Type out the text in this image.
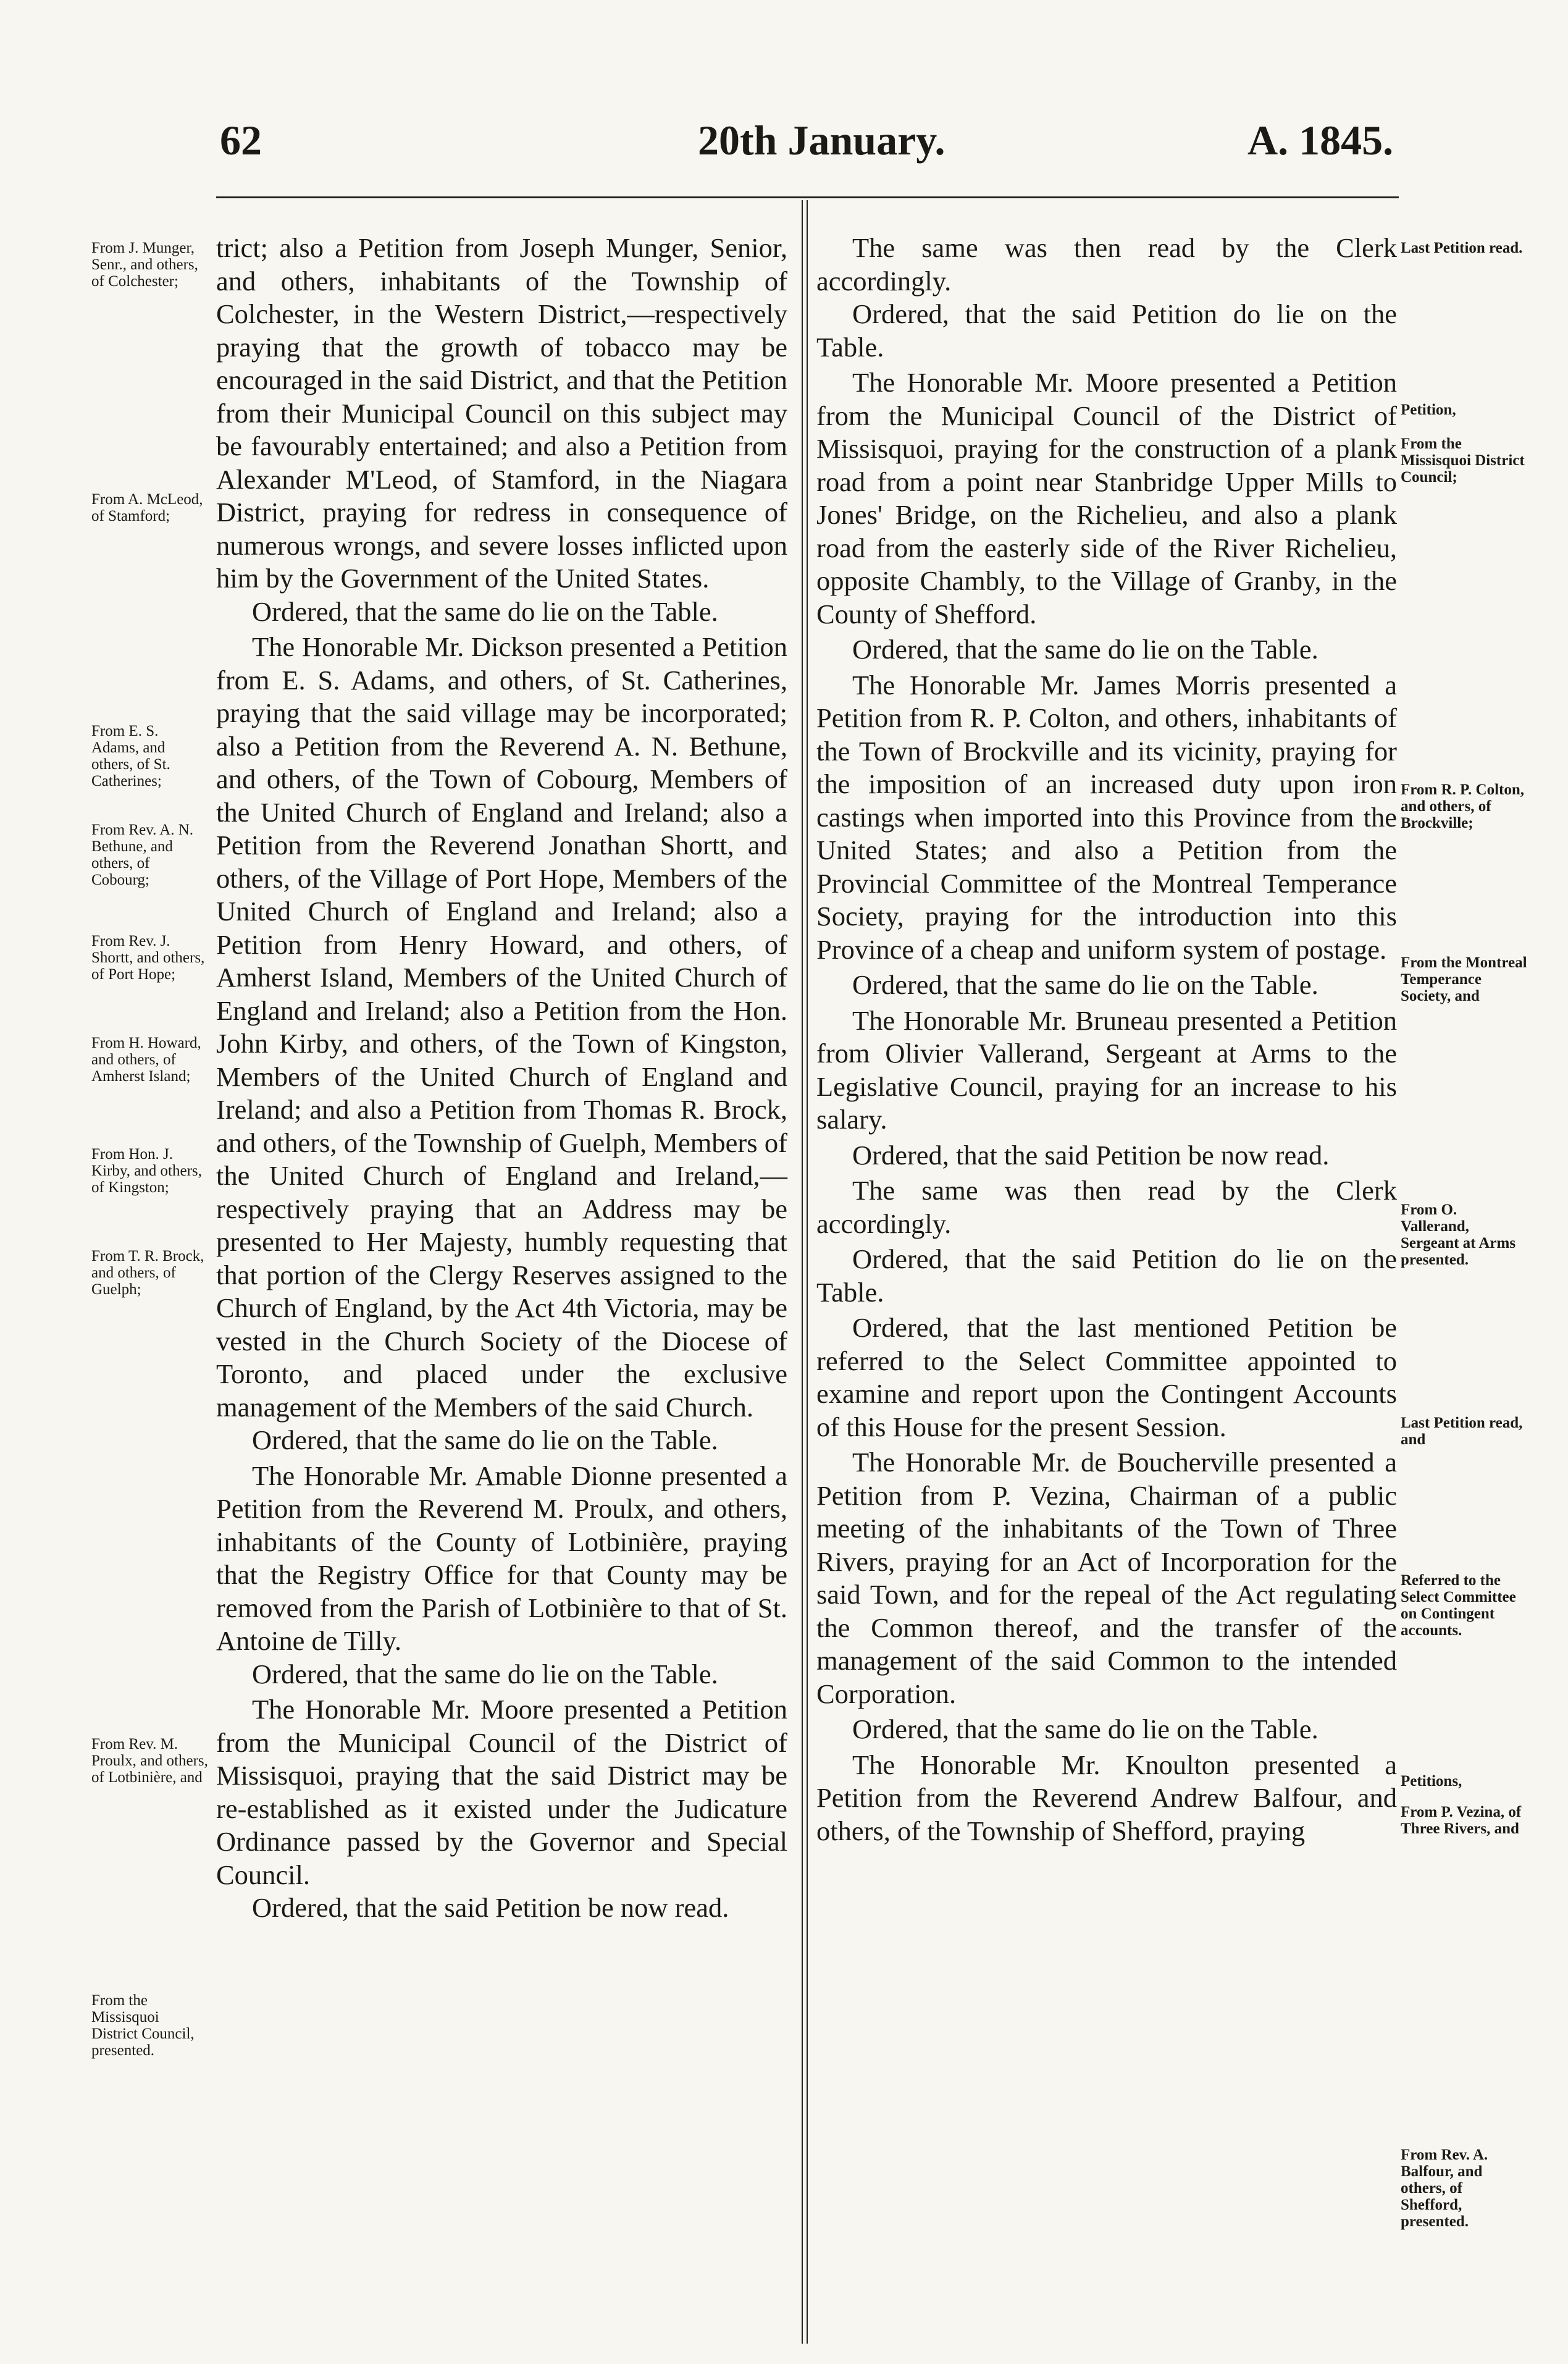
62	20th January.	A. 1845.

trict; also a Petition from Joseph Munger, Senior, and others, inhabitants of the Township of Colchester, in the Western District,—respectively praying that the growth of tobacco may be encouraged in the said District, and that the Petition from their Municipal Council on this subject may be favourably entertained; and also a Petition from Alexander M'Leod, of Stamford, in the Niagara District, praying for redress in consequence of numerous wrongs, and severe losses inflicted upon him by the Government of the United States.

Ordered, that the same do lie on the Table.

The Honorable Mr. Dickson presented a Petition from E. S. Adams, and others, of St. Catherines, praying that the said village may be incorporated; also a Petition from the Reverend A. N. Bethune, and others, of the Town of Cobourg, Members of the United Church of England and Ireland; also a Petition from the Reverend Jonathan Shortt, and others, of the Village of Port Hope, Members of the United Church of England and Ireland; also a Petition from Henry Howard, and others, of Amherst Island, Members of the United Church of England and Ireland; also a Petition from the Hon. John Kirby, and others, of the Town of Kingston, Members of the United Church of England and Ireland; and also a Petition from Thomas R. Brock, and others, of the Township of Guelph, Members of the United Church of England and Ireland,—respectively praying that an Address may be presented to Her Majesty, humbly requesting that that portion of the Clergy Reserves assigned to the Church of England, by the Act 4th Victoria, may be vested in the Church Society of the Diocese of Toronto, and placed under the exclusive management of the Members of the said Church.

Ordered, that the same do lie on the Table.

The Honorable Mr. Amable Dionne presented a Petition from the Reverend M. Proulx, and others, inhabitants of the County of Lotbinière, praying that the Registry Office for that County may be removed from the Parish of Lotbinière to that of St. Antoine de Tilly.

Ordered, that the same do lie on the Table.

The Honorable Mr. Moore presented a Petition from the Municipal Council of the District of Missisquoi, praying that the said District may be re-established as it existed under the Judicature Ordinance passed by the Governor and Special Council.

Ordered, that the said Petition be now read.

The same was then read by the Clerk accordingly.

Ordered, that the said Petition do lie on the Table.

The Honorable Mr. Moore presented a Petition from the Municipal Council of the District of Missisquoi, praying for the construction of a plank road from a point near Stanbridge Upper Mills to Jones' Bridge, on the Richelieu, and also a plank road from the easterly side of the River Richelieu, opposite Chambly, to the Village of Granby, in the County of Shefford.

Ordered, that the same do lie on the Table.

The Honorable Mr. James Morris presented a Petition from R. P. Colton, and others, inhabitants of the Town of Brockville and its vicinity, praying for the imposition of an increased duty upon iron castings when imported into this Province from the United States; and also a Petition from the Provincial Committee of the Montreal Temperance Society, praying for the introduction into this Province of a cheap and uniform system of postage.

Ordered, that the same do lie on the Table.

The Honorable Mr. Bruneau presented a Petition from Olivier Vallerand, Sergeant at Arms to the Legislative Council, praying for an increase to his salary.

Ordered, that the said Petition be now read.

The same was then read by the Clerk accordingly.

Ordered, that the said Petition do lie on the Table.

Ordered, that the last mentioned Petition be referred to the Select Committee appointed to examine and report upon the Contingent Accounts of this House for the present Session.

The Honorable Mr. de Boucherville presented a Petition from P. Vezina, Chairman of a public meeting of the inhabitants of the Town of Three Rivers, praying for an Act of Incorporation for the said Town, and for the repeal of the Act regulating the Common thereof, and the transfer of the management of the said Common to the intended Corporation.

Ordered, that the same do lie on the Table.

The Honorable Mr. Knoulton presented a Petition from the Reverend Andrew Balfour, and others, of the Township of Shefford, praying

From J. Munger, Senr., and others, of Colchester;
From A. McLeod, of Stamford;
From E. S. Adams, and others, of St. Catherines;
From Rev. A. N. Bethune, and others, of Cobourg;
From Rev. J. Shortt, and others, of Port Hope;
From H. Howard, and others, of Amherst Island;
From Hon. J. Kirby, and others, of Kingston;
From T. R. Brock, and others, of Guelph;
From Rev. M. Proulx, and others, of Lotbinière, and
From the Missisquoi District Council, presented.
Last Petition read.
Petition,
From the Missisquoi District Council;
From R. P. Colton, and others, of Brockville;
From the Montreal Temperance Society, and
From O. Vallerand, Sergeant at Arms presented.
Last Petition read, and
Referred to the Select Committee on Contingent accounts.
Petitions,
From P. Vezina, of Three Rivers, and
From Rev. A. Balfour, and others, of Shefford, presented.
